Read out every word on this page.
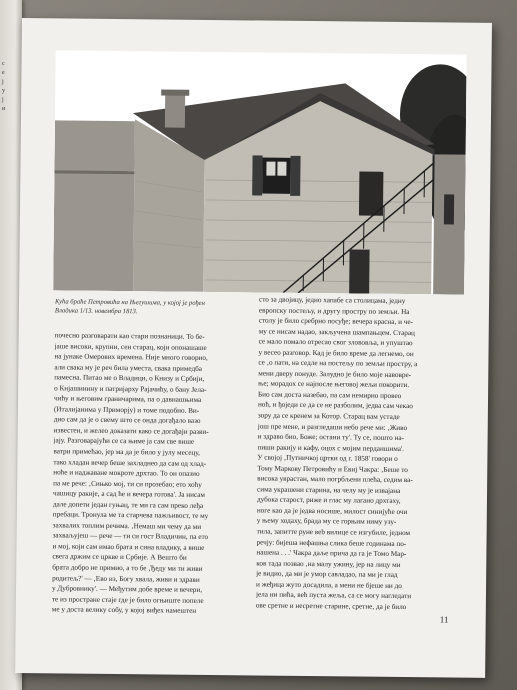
с
е
ј
у
ј
и
Кућа браће Петровића на Његушима, у којој је рођен
Владика 1/13. новембра 1813.
почесно разговарати као стари познаници. То бе-
јаше високи, крупни, сен старац, који опонашаше
на јунаке Омерових времена. Није много говорио,
али свака му је реч била уместа, свака примедба
памесна. Питао ме о Владици, о Книзу и Србији,
о Кнјашинину и патријарху Рајачићу, о бану Јела-
чићу и његовим граничарима, па о давнашњима
(Италијанима у Приморју) и томе подобно. Ви-
дио сам да је о свему што се онда догађало вазо
известен, и желео доказати како се догађаји разви-
јају. Разговарајући се са њиме ја сам све више
ватри примећао, јер ма да је било у јулу месецу,
тако хладан вечер беше захладнео да сам од хлад-
ноће и наджаване мокроте дрхтао. То он опазио
па ме рече: ‚Сињко мој, ти си прозебао; ето хоћу
чашицу ракије, а сад ће и вечера готова'. Ја нисам
дале допети један гуњац, те ми га сам преко леђа
пребаци. Тронула ме та старчева пажљивост, те му
захвалих топлим речима. ‚Немаш ми чему да ми
захваљујеш — рече — ти си гост Владичин, па ето
и мој, који сам имао брата и сина владику, а више
свега држим се цркве и Србије. А Вешто би
брата добро не примио, а то бе ‚Ђеду ми ти живи
родитељ?' — ‚Ево из, Богу хвала, живи и здрави
у Дубровнику'. — Међутим добе време и вечери,
те из простране стаје где је било огњиште попеле
ме у доста велику собу, у којој виђех намештен
сто за двојицу, једно хапабе са столицама, једну
европску постељу, и другу простру по земљи. На
столу је било сребрно посуђе; вечера красна, и че-
му се нисам надао, закључена шампањцем. Старац
се мало помало отресао свог злововља, и упуштао
у весео разговор. Кад је било време да легнемо, он
се ‚о пати, на седле на постељу по земљи простру, а
мени дверу понуде. Залудно је било моје навовре-
ње; морадох се најпосле његовој жељи покорити.
Био сам доста назебао, па сам немирно провео
ноћ, и ђоједи се да се не разболим, једва сам чекао
зору да се кренем за Котор. Старац вам устаде
још пре мене, и разгледаши небо рече ми: ‚Живо
и здраво био, Боже; остани ту'. Ту се, пошто на-
пиши ракију и кафу, оцох с мојим перданшима'.
У својој ‚Путничкој цртки од г. 1858' говори о
Тому Маркову Петровићу и Евиј Чакра: ‚Беше то
висока уврастан, мало погрбљени плећа, седим ва-
сима украшени старина, на челу му је извајана
дубока старост, риже и глас му лагано дрхтаху,
ноге као да је једва носише, милост синијуће очи
у њему ходаху, брада му се горњим ниму узу-
тила, запитте руне веb вилице се изгубиле, једном
речју: бијеша нефашња слика беше годинама по-
нашена . . .' Чакра даље прича да га је Томо Мар-
ков тада позвао ‚на малу ужину, јер на лицу ми
је видио, да ми је умор савладао, па ми је глад
и жеђица жуто досадила, а мени не бјеше ни до
јела ни пића, већ пуста жеља, са се могу нагледати
ове сретне и несретне старине, сретне, да је било
11
